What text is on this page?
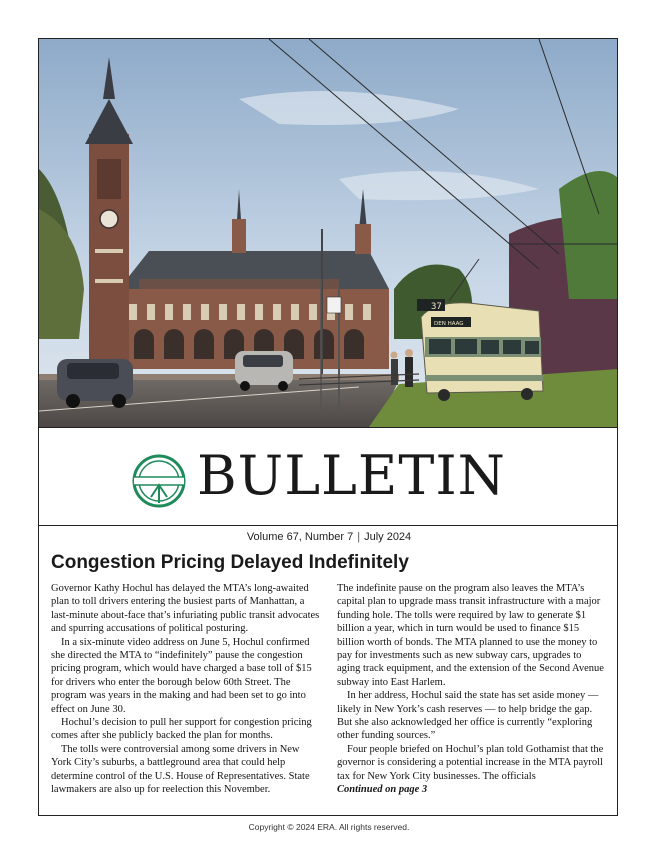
37
DEN HAAG
BULLETIN
Volume 67, Number 7 | July 2024
Congestion Pricing Delayed Indefinitely

Governor Kathy Hochul has delayed the MTA’s long-awaited plan to toll drivers entering the busiest parts of Manhattan, a last-minute about-face that’s infuriating public transit advocates and spurring accusations of political posturing.

In a six-minute video address on June 5, Hochul confirmed she directed the MTA to “indefinitely” pause the congestion pricing program, which would have charged a base toll of $15 for drivers who enter the borough below 60th Street. The program was years in the making and had been set to go into effect on June 30.

Hochul’s decision to pull her support for congestion pricing comes after she publicly backed the plan for months.

The tolls were controversial among some drivers in New York City’s suburbs, a battleground area that could help determine control of the U.S. House of Representatives. State lawmakers are also up for reelection this November.

The indefinite pause on the program also leaves the MTA’s capital plan to upgrade mass transit infrastructure with a major funding hole. The tolls were required by law to generate $1 billion a year, which in turn would be used to finance $15 billion worth of bonds. The MTA planned to use the money to pay for investments such as new subway cars, upgrades to aging track equipment, and the extension of the Second Avenue subway into East Harlem.

In her address, Hochul said the state has set aside money — likely in New York’s cash reserves — to help bridge the gap. But she also acknowledged her office is currently “exploring other funding sources.”

Four people briefed on Hochul’s plan told Gothamist that the governor is considering a potential increase in the MTA payroll tax for New York City businesses. The officials

Continued on page 3

Copyright © 2024 ERA. All rights reserved.
